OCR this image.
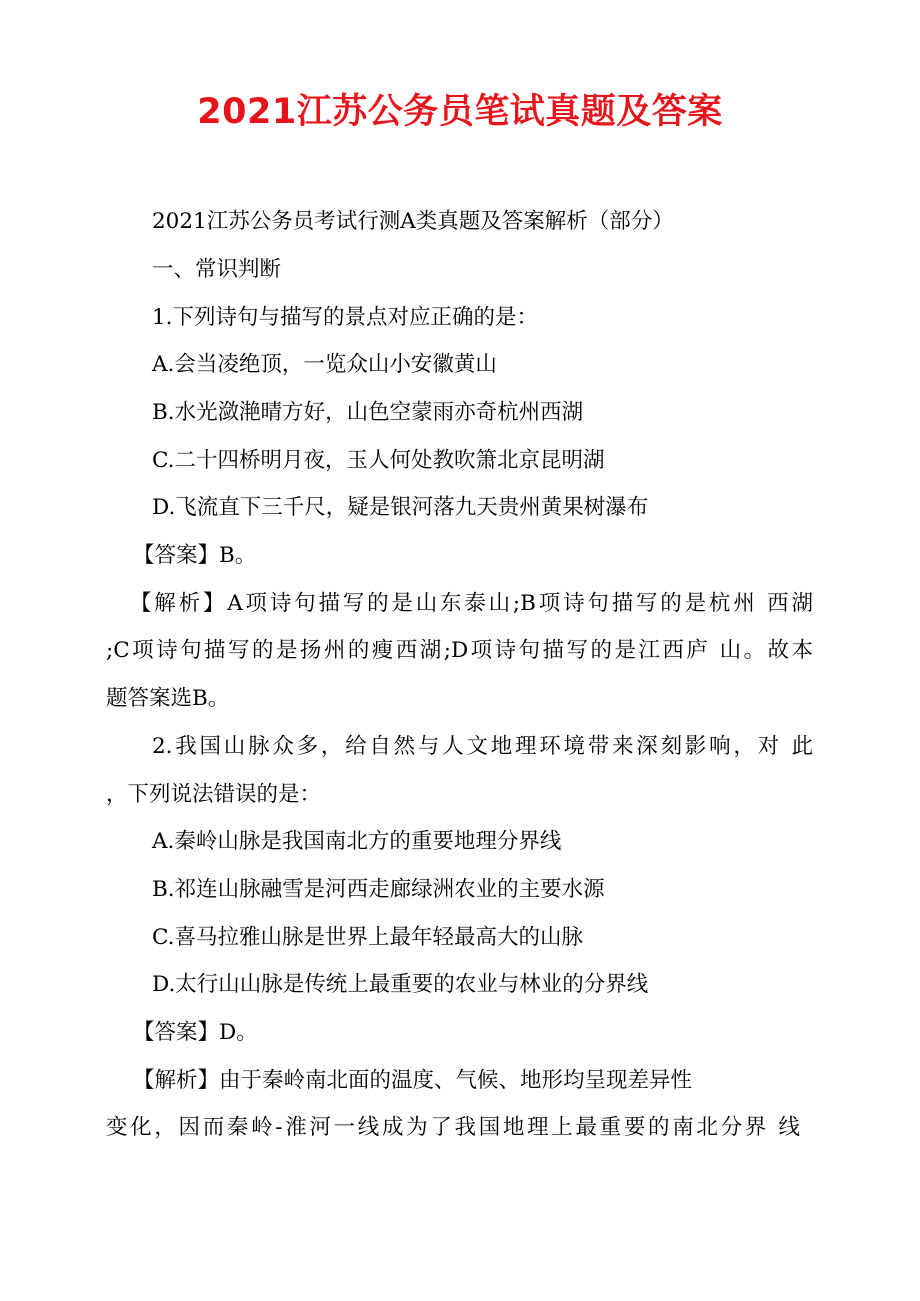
2021江苏公务员笔试真题及答案
2021江苏公务员考试行测A类真题及答案解析（部分）
一、常识判断
1.下列诗句与描写的景点对应正确的是：
A.会当凌绝顶，一览众山小安徽黄山
B.水光潋滟晴方好，山色空蒙雨亦奇杭州西湖
C.二十四桥明月夜，玉人何处教吹箫北京昆明湖
D.飞流直下三千尺，疑是银河落九天贵州黄果树瀑布
【答案】B。
【解析】A项诗句描写的是山东泰山;B项诗句描写的是杭州 西湖
;C项诗句描写的是扬州的瘦西湖;D项诗句描写的是江西庐 山。故本
题答案选B。
2.我国山脉众多，给自然与人文地理环境带来深刻影响，对 此
，下列说法错误的是：
A.秦岭山脉是我国南北方的重要地理分界线
B.祁连山脉融雪是河西走廊绿洲农业的主要水源
C.喜马拉雅山脉是世界上最年轻最高大的山脉
D.太行山山脉是传统上最重要的农业与林业的分界线
【答案】D。
【解析】由于秦岭南北面的温度、气候、地形均呈现差异性
变化，因而秦岭-淮河一线成为了我国地理上最重要的南北分界 线
